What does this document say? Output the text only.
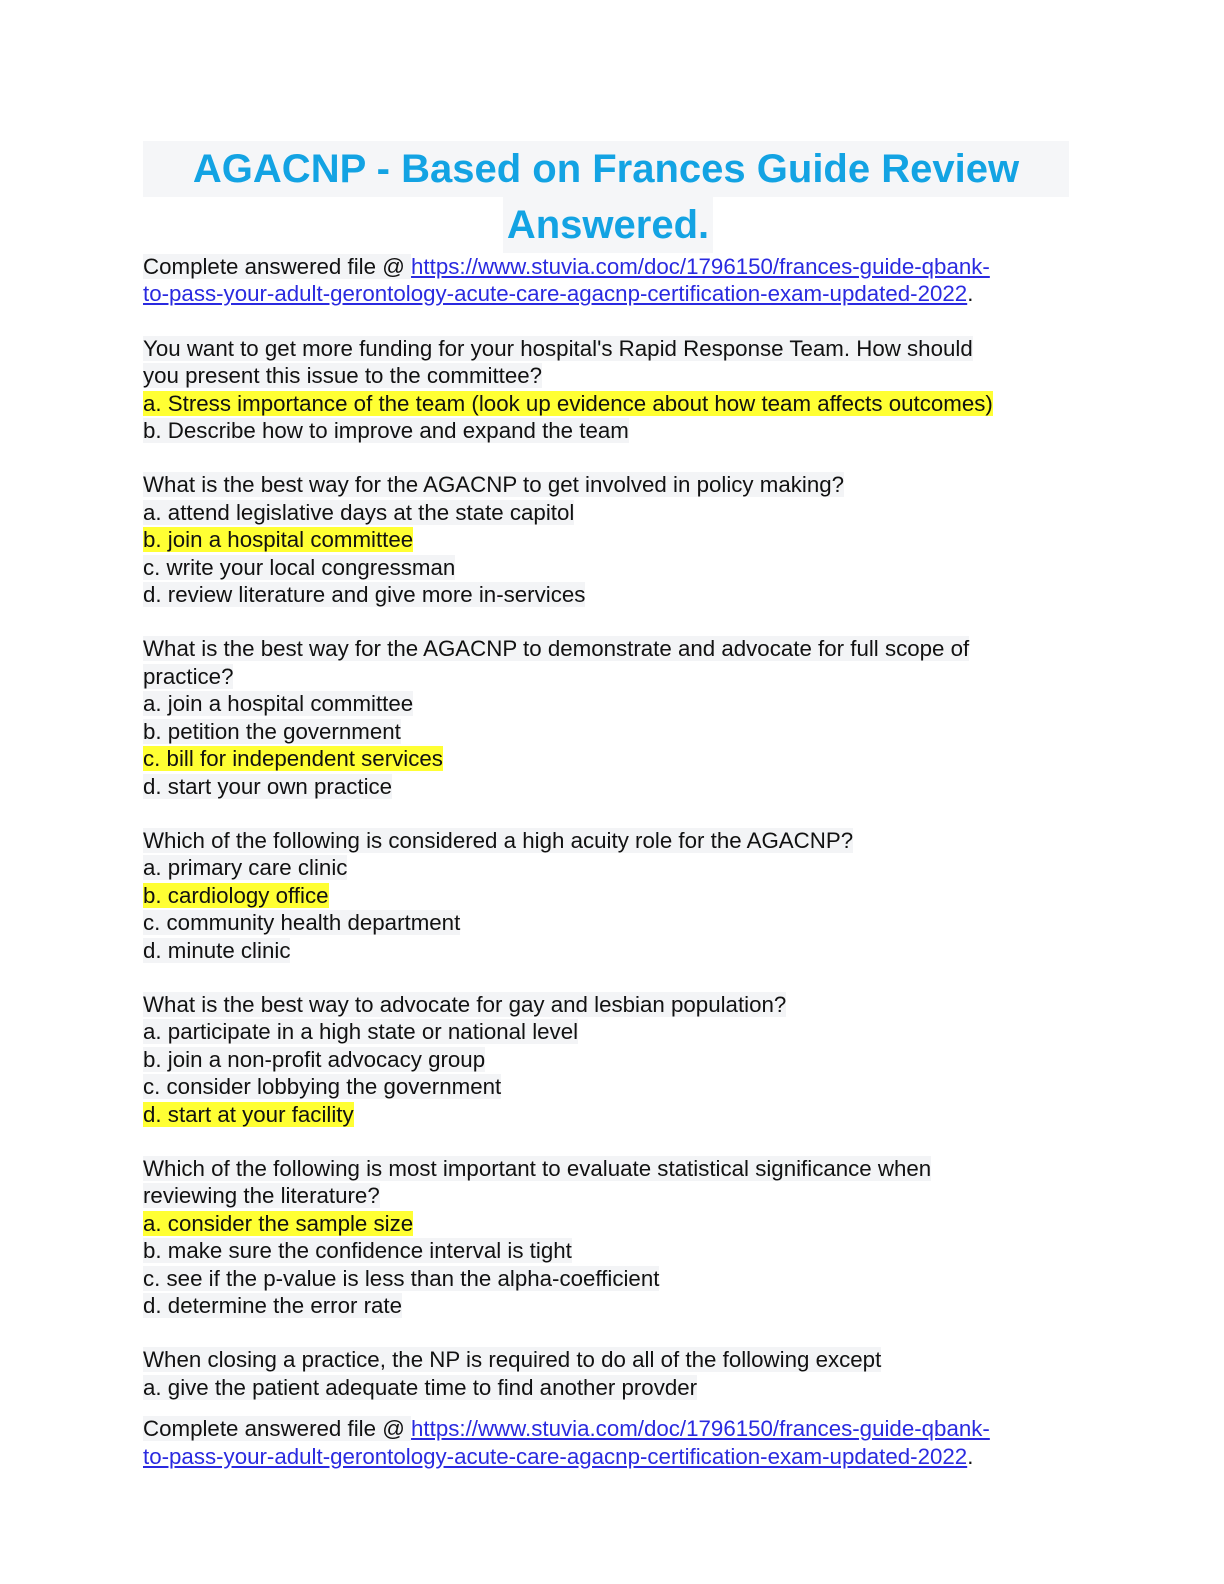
AGACNP - Based on Frances Guide Review
Answered.
Complete answered file @ https://www.stuvia.com/doc/1796150/frances-guide-qbank-
to-pass-your-adult-gerontology-acute-care-agacnp-certification-exam-updated-2022.
You want to get more funding for your hospital's Rapid Response Team. How should
you present this issue to the committee?
a. Stress importance of the team (look up evidence about how team affects outcomes)
b. Describe how to improve and expand the team
What is the best way for the AGACNP to get involved in policy making?
a. attend legislative days at the state capitol
b. join a hospital committee
c. write your local congressman
d. review literature and give more in-services
What is the best way for the AGACNP to demonstrate and advocate for full scope of
practice?
a. join a hospital committee
b. petition the government
c. bill for independent services
d. start your own practice
Which of the following is considered a high acuity role for the AGACNP?
a. primary care clinic
b. cardiology office
c. community health department
d. minute clinic
What is the best way to advocate for gay and lesbian population?
a. participate in a high state or national level
b. join a non-profit advocacy group
c. consider lobbying the government
d. start at your facility
Which of the following is most important to evaluate statistical significance when
reviewing the literature?
a. consider the sample size
b. make sure the confidence interval is tight
c. see if the p-value is less than the alpha-coefficient
d. determine the error rate
When closing a practice, the NP is required to do all of the following except
a. give the patient adequate time to find another provder
Complete answered file @ https://www.stuvia.com/doc/1796150/frances-guide-qbank-
to-pass-your-adult-gerontology-acute-care-agacnp-certification-exam-updated-2022.
